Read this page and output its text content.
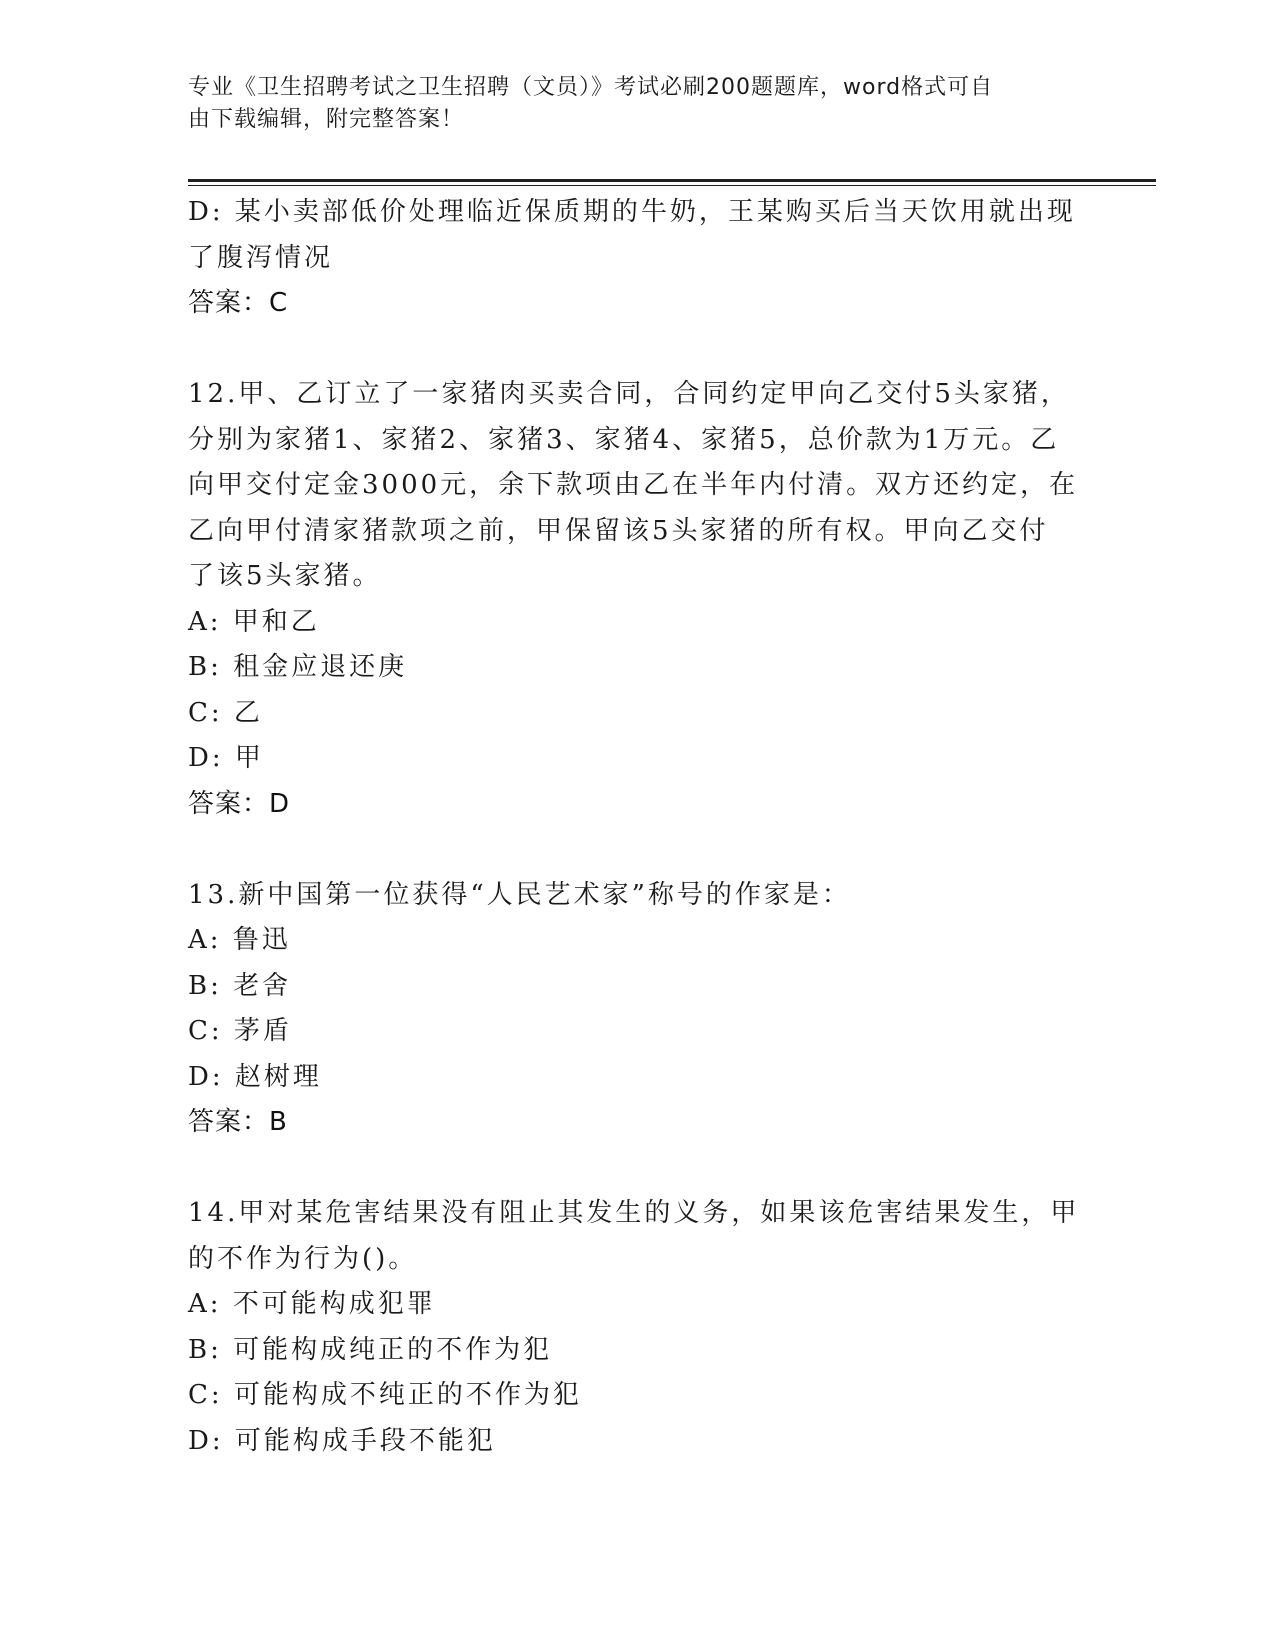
专业《卫生招聘考试之卫生招聘（文员）》考试必刷200题题库，word格式可自
由下载编辑，附完整答案！
D: 某小卖部低价处理临近保质期的牛奶，王某购买后当天饮用就出现
了腹泻情况
答案：C
12.甲、乙订立了一家猪肉买卖合同，合同约定甲向乙交付5头家猪，
分别为家猪1、家猪2、家猪3、家猪4、家猪5，总价款为1万元。乙
向甲交付定金3000元，余下款项由乙在半年内付清。双方还约定，在
乙向甲付清家猪款项之前，甲保留该5头家猪的所有权。甲向乙交付
了该5头家猪。
A: 甲和乙
B: 租金应退还庚
C: 乙
D: 甲
答案：D
13.新中国第一位获得“人民艺术家”称号的作家是：
A: 鲁迅
B: 老舍
C: 茅盾
D: 赵树理
答案：B
14.甲对某危害结果没有阻止其发生的义务，如果该危害结果发生，甲
的不作为行为()。
A: 不可能构成犯罪
B: 可能构成纯正的不作为犯
C: 可能构成不纯正的不作为犯
D: 可能构成手段不能犯
